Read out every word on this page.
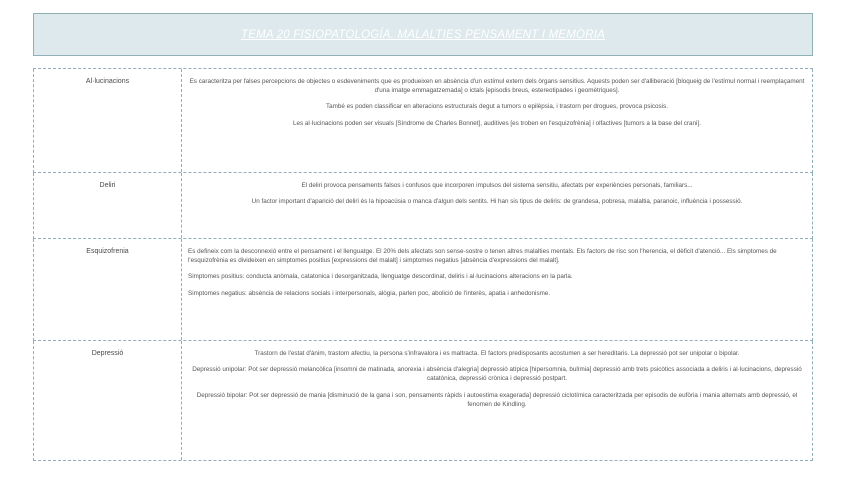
TEMA 20 FISIOPATOLOGÍA. MALALTIES PENSAMENT I MEMÒRIA
Al·lucinacions	Es caracteritza per falses percepcions de objectes o esdeveniments que es produeixen en absència d'un estímul extern dels òrgans sensitius. Aquests poden ser d'alliberació [bloqueig de l'estímul normal i reemplaçament d'una imatge emmagatzemada] o ictals [episodis breus, estereotipades i geomètriques].

També es poden classificar en alteracions estructurals degut a tumors o epilèpsia, i trastorn per drogues, provoca psicosis.

Les al·lucinacions poden ser visuals [Síndrome de Charles Bonnet], auditives [es troben en l'esquizofrènia] i olfactives [tumors a la base del crani].

Deliri	El deliri provoca pensaments falsos i confusos que incorporen impulsos del sistema sensitiu, afectats per experiències personals, familiars...

Un factor important d'aparició del deliri és la hipoacúsia o manca d'algun dels sentits. Hi han sis tipus de deliris: de grandesa, pobresa, malaltia, paranoic, influència i possessió.

Esquizofrenia	Es defineix com la desconnexió entre el pensament i el llenguatge. El 20% dels afectats son sense-sostre o tenen altres malalties mentals. Els factors de risc son l'herencia, el dèficit d'atenció... Els simptomes de l'esquizofrènia es divideixen en simptomes positius [expressions del malalt] i simptomes negatius [absència d'expressions del malalt].

Simptomes positius: conducta anòmala, catatonica i desorganitzada, llenguatge descordinat, deliris i al·lucinacions alteracions en la parla.

Simptomes negatius: absència de relacions socials i interpersonals, alògia, parlen poc, abolició de l'interès, apatia i anhedonisme.

Depressió	Trastorn de l'estat d'ànim, trastorn afectiu, la persona s'infravalora i es maltracta. El factors predisposants acostumen a ser hereditaris. La depressió pot ser unipolar o bipolar.

Depressió unipolar: Pot ser depressió melancòlica [insomni de matinada, anorexia i absència d'alegria] depressió atípica [hipersomnia, bulímia] depressió amb trets psicòtics associada a deliris i al·lucinacions, depressió catatònica, depressió crònica i depressió postpart.

Depressió bipolar: Pot ser depressió de mania [disminució de la gana i son, pensaments ràpids i autoestima exagerada] depressió ciclotímica caracteritzada per episodis de eufòria i mania alternats amb depressió, el fenomen de Kindling.
